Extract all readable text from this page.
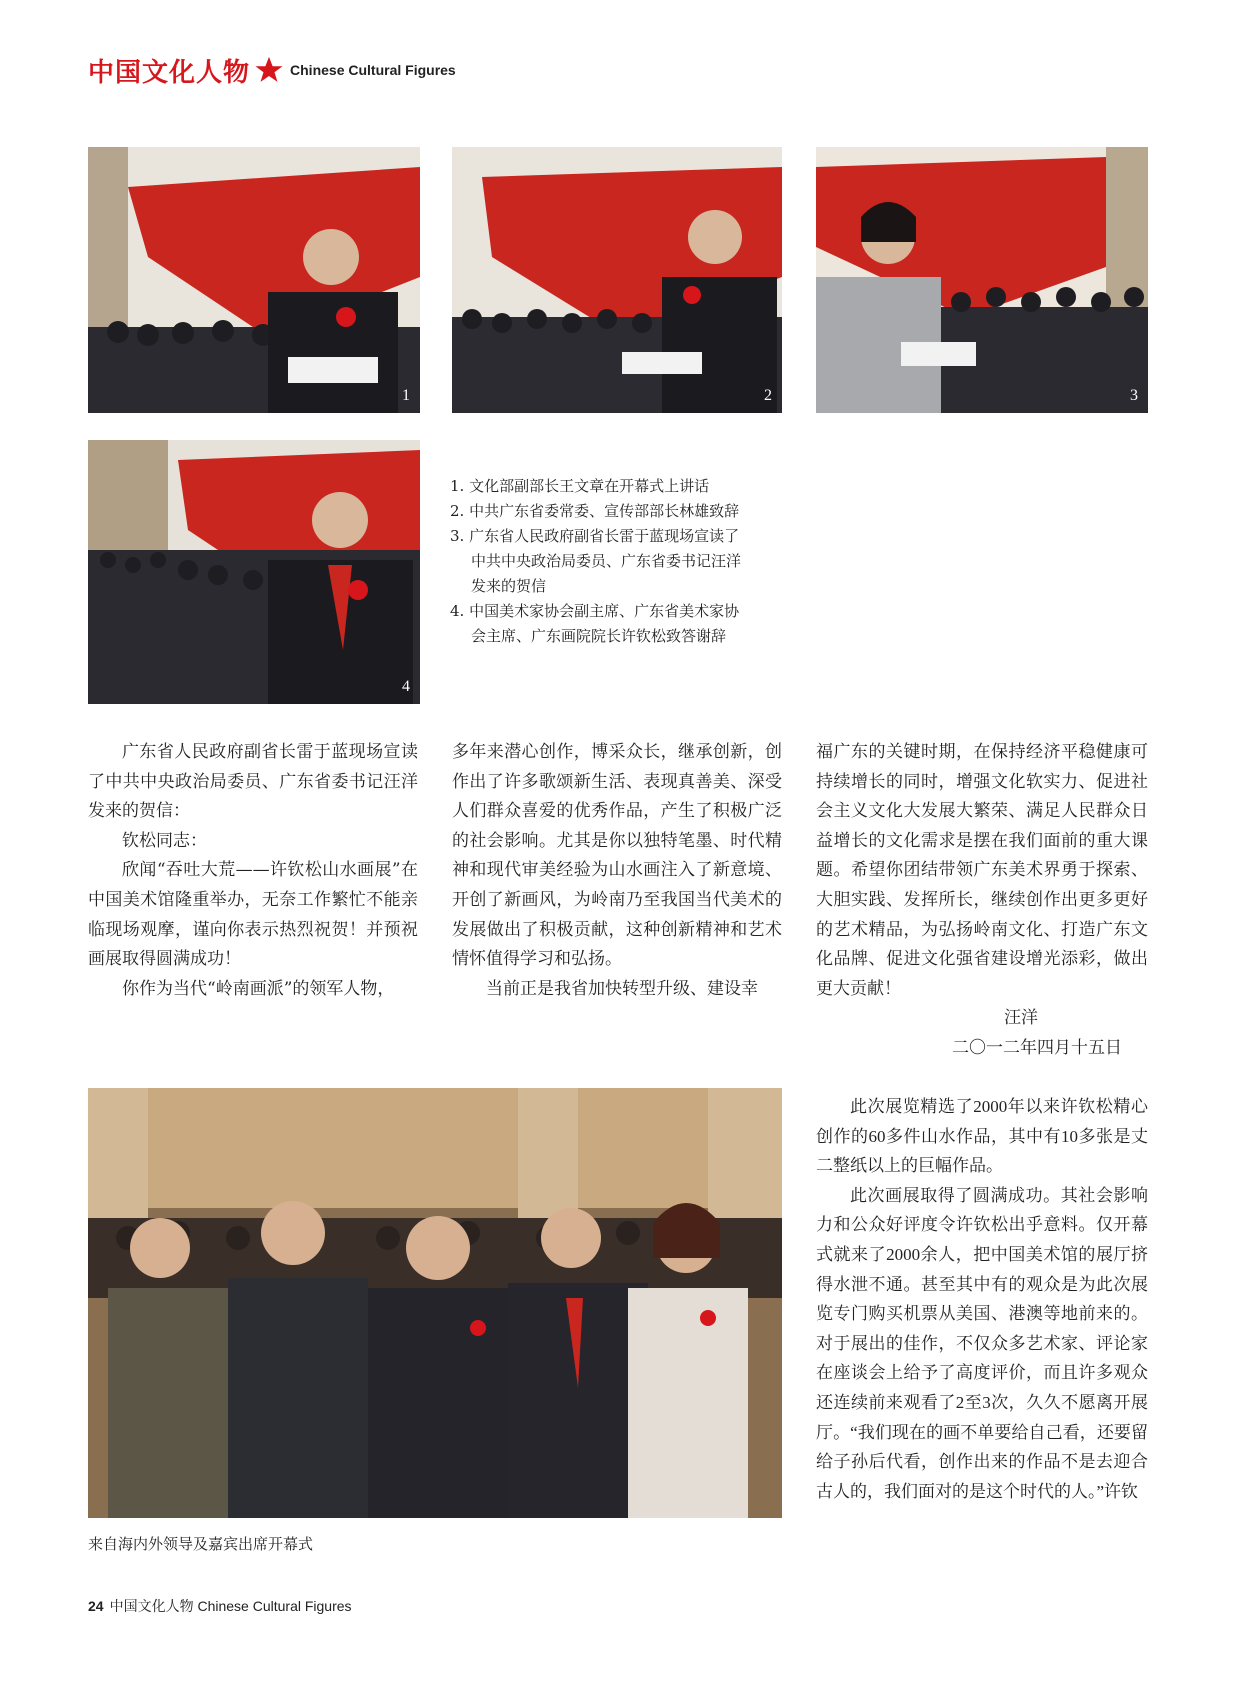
中国文化人物	Chinese Cultural Figures
1	2	3
4

1. 文化部副部长王文章在开幕式上讲话

2. 中共广东省委常委、宣传部部长林雄致辞

3. 广东省人民政府副省长雷于蓝现场宣读了

中共中央政治局委员、广东省委书记汪洋

发来的贺信

4. 中国美术家协会副主席、广东省美术家协

会主席、广东画院院长许钦松致答谢辞

广东省人民政府副省长雷于蓝现场宣读了中共中央政治局委员、广东省委书记汪洋发来的贺信：

钦松同志：

欣闻“吞吐大荒——许钦松山水画展”在中国美术馆隆重举办，无奈工作繁忙不能亲临现场观摩，谨向你表示热烈祝贺！并预祝画展取得圆满成功！

你作为当代“岭南画派”的领军人物，

多年来潜心创作，博采众长，继承创新，创作出了许多歌颂新生活、表现真善美、深受人们群众喜爱的优秀作品，产生了积极广泛的社会影响。尤其是你以独特笔墨、时代精神和现代审美经验为山水画注入了新意境、开创了新画风，为岭南乃至我国当代美术的发展做出了积极贡献，这种创新精神和艺术情怀值得学习和弘扬。

当前正是我省加快转型升级、建设幸

福广东的关键时期，在保持经济平稳健康可持续增长的同时，增强文化软实力、促进社会主义文化大发展大繁荣、满足人民群众日益增长的文化需求是摆在我们面前的重大课题。希望你团结带领广东美术界勇于探索、大胆实践、发挥所长，继续创作出更多更好的艺术精品，为弘扬岭南文化、打造广东文化品牌、促进文化强省建设增光添彩，做出更大贡献！

汪洋

二〇一二年四月十五日

此次展览精选了2000年以来许钦松精心创作的60多件山水作品，其中有10多张是丈二整纸以上的巨幅作品。

此次画展取得了圆满成功。其社会影响力和公众好评度令许钦松出乎意料。仅开幕式就来了2000余人，把中国美术馆的展厅挤得水泄不通。甚至其中有的观众是为此次展览专门购买机票从美国、港澳等地前来的。对于展出的佳作，不仅众多艺术家、评论家在座谈会上给予了高度评价，而且许多观众还连续前来观看了2至3次，久久不愿离开展厅。“我们现在的画不单要给自己看，还要留给子孙后代看，创作出来的作品不是去迎合古人的，我们面对的是这个时代的人。”许钦

来自海内外领导及嘉宾出席开幕式
24 中国文化人物 Chinese Cultural Figures
